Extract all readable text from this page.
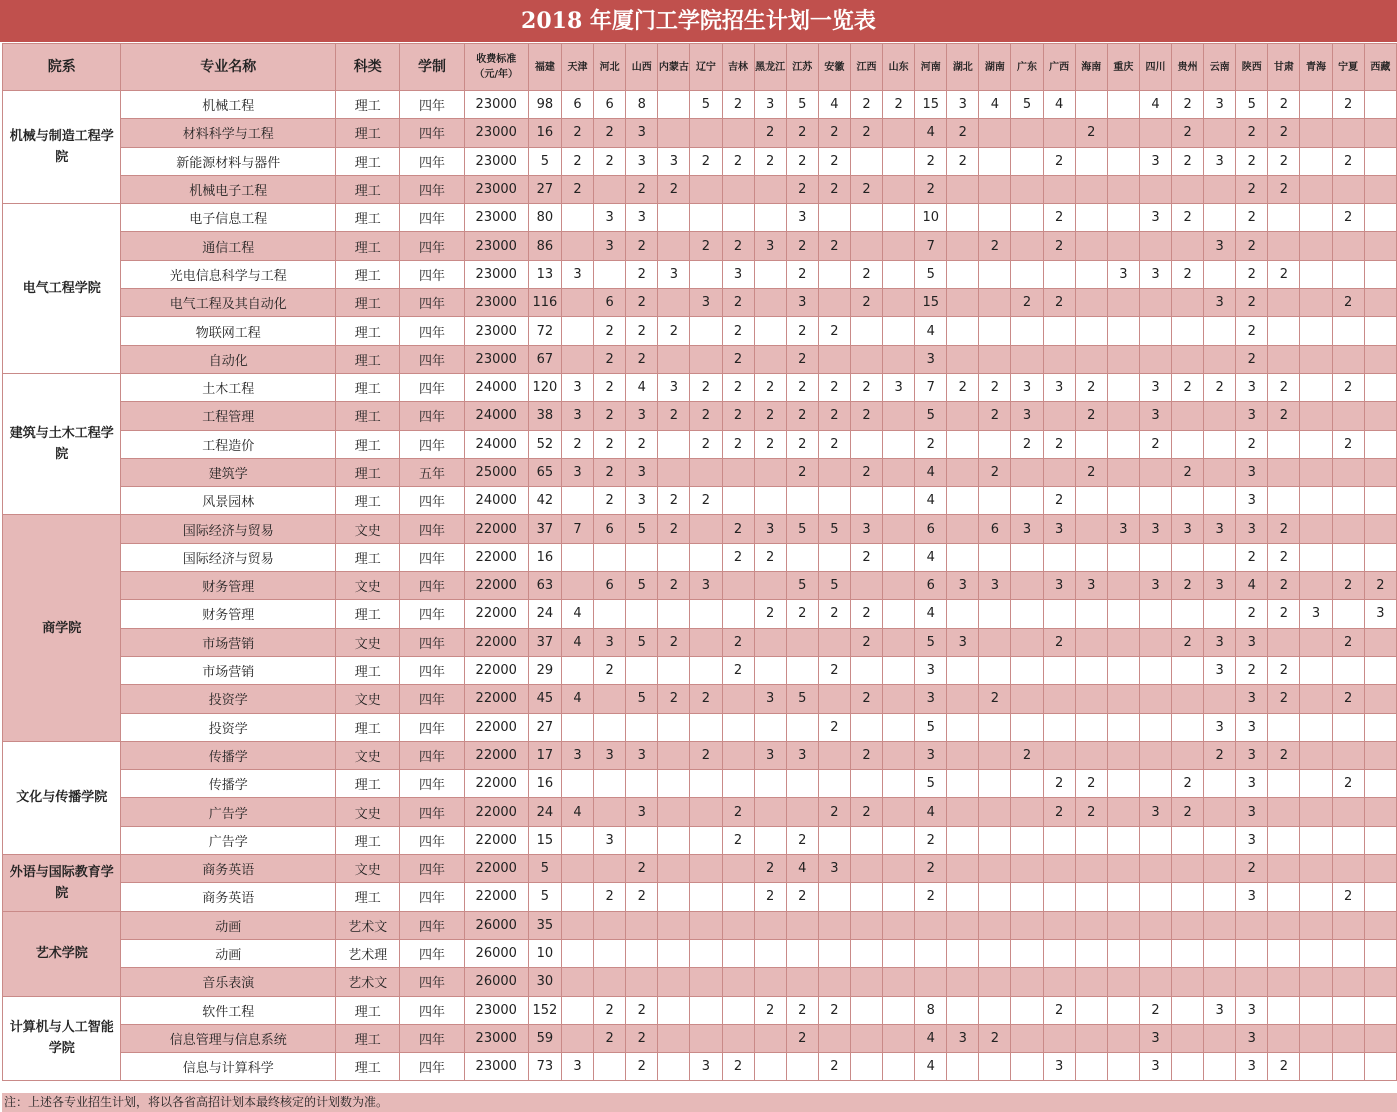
2018 年厦门工学院招生计划一览表
院系	专业名称	科类	学制	收费标准（元/年）	福建	天津	河北	山西	内蒙古	辽宁	吉林	黑龙江	江苏	安徽	江西	山东	河南	湖北	湖南	广东	广西	海南	重庆	四川	贵州	云南	陕西	甘肃	青海	宁夏	西藏
机械与制造工程学院	机械工程	理工	四年	23000	98	6	6	8		5	2	3	5	4	2	2	15	3	4	5	4			4	2	3	5	2		2	
	材料科学与工程	理工	四年	23000	16	2	2	3				2	2	2	2		4	2				2			2		2	2			
	新能源材料与器件	理工	四年	23000	5	2	2	3	3	2	2	2	2	2			2	2			2			3	2	3	2	2		2	
	机械电子工程	理工	四年	23000	27	2		2	2				2	2	2		2										2	2			
电气工程学院	电子信息工程	理工	四年	23000	80		3	3					3				10				2			3	2		2			2	
	通信工程	理工	四年	23000	86		3	2		2	2	3	2	2			7		2		2					3	2				
	光电信息科学与工程	理工	四年	23000	13	3		2	3		3		2		2		5						3	3	2		2	2			
	电气工程及其自动化	理工	四年	23000	116		6	2		3	2		3		2		15			2	2					3	2			2	
	物联网工程	理工	四年	23000	72		2	2	2		2		2	2			4										2				
	自动化	理工	四年	23000	67		2	2			2		2				3										2				
建筑与土木工程学院	土木工程	理工	四年	24000	120	3	2	4	3	2	2	2	2	2	2	3	7	2	2	3	3	2		3	2	2	3	2		2	
	工程管理	理工	四年	24000	38	3	2	3	2	2	2	2	2	2	2		5		2	3		2		3			3	2			
	工程造价	理工	四年	24000	52	2	2	2		2	2	2	2	2			2			2	2			2			2			2	
	建筑学	理工	五年	25000	65	3	2	3					2		2		4		2			2			2		3				
	风景园林	理工	四年	24000	42		2	3	2	2							4				2						3				
商学院	国际经济与贸易	文史	四年	22000	37	7	6	5	2		2	3	5	5	3		6		6	3	3		3	3	3	3	3	2			
	国际经济与贸易	理工	四年	22000	16						2	2			2		4										2	2			
	财务管理	文史	四年	22000	63		6	5	2	3			5	5			6	3	3		3	3		3	2	3	4	2		2	2
	财务管理	理工	四年	22000	24	4						2	2	2	2		4										2	2	3		3
	市场营销	文史	四年	22000	37	4	3	5	2		2				2		5	3			2				2	3	3			2	
	市场营销	理工	四年	22000	29		2				2			2			3									3	2	2			
	投资学	文史	四年	22000	45	4		5	2	2		3	5		2		3		2								3	2		2	
	投资学	理工	四年	22000	27									2			5									3	3				
文化与传播学院	传播学	文史	四年	22000	17	3	3	3		2		3	3		2		3			2						2	3	2			
	传播学	理工	四年	22000	16												5				2	2			2		3			2	
	广告学	文史	四年	22000	24	4		3			2			2	2		4				2	2		3	2		3				
	广告学	理工	四年	22000	15		3				2		2				2										3				
外语与国际教育学院	商务英语	文史	四年	22000	5			2				2	4	3			2										2				
	商务英语	理工	四年	22000	5		2	2				2	2				2										3			2	
艺术学院	动画	艺术文	四年	26000	35																										
	动画	艺术理	四年	26000	10																										
	音乐表演	艺术文	四年	26000	30																										
计算机与人工智能学院	软件工程	理工	四年	23000	152		2	2				2	2	2			8				2			2		3	3				
	信息管理与信息系统	理工	四年	23000	59		2	2					2				4	3	2					3			3				
	信息与计算科学	理工	四年	23000	73	3		2		3	2			2			4				3			3			3	2			
注：上述各专业招生计划，将以各省高招计划本最终核定的计划数为准。
